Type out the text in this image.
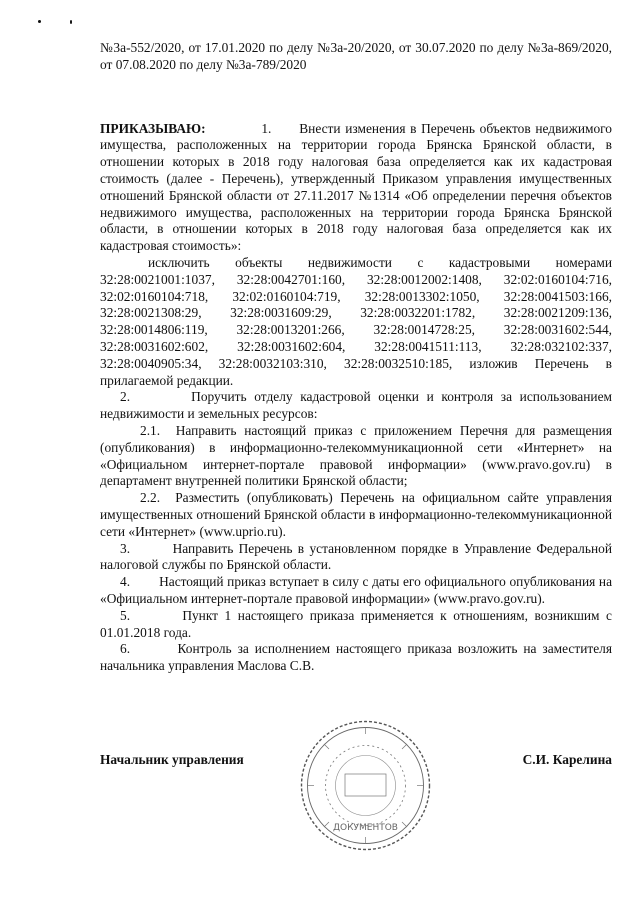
№3а-552/2020, от 17.01.2020 по делу №3а-20/2020, от 30.07.2020 по делу №3а-869/2020, от 07.08.2020 по делу №3а-789/2020

ПРИКАЗЫВАЮ:	1. Внести изменения в Перечень объектов недвижимого имущества, расположенных на территории города Брянска Брянской области, в отношении которых в 2018 году налоговая база определяется как их кадастровая стоимость (далее - Перечень), утвержденный Приказом управления имущественных отношений Брянской области от 27.11.2017 №1314 «Об определении перечня объектов недвижимого имущества, расположенных на территории города Брянска Брянской области, в отношении которых в 2018 году налоговая база определяется как их кадастровая стоимость»:

исключить объекты недвижимости с кадастровыми номерами 32:28:0021001:1037, 32:28:0042701:160, 32:28:0012002:1408, 32:02:0160104:716, 32:02:0160104:718, 32:02:0160104:719, 32:28:0013302:1050, 32:28:0041503:166, 32:28:0021308:29, 32:28:0031609:29, 32:28:0032201:1782, 32:28:0021209:136, 32:28:0014806:119, 32:28:0013201:266, 32:28:0014728:25, 32:28:0031602:544, 32:28:0031602:602, 32:28:0031602:604, 32:28:0041511:113, 32:28:032102:337, 32:28:0040905:34, 32:28:0032103:310, 32:28:0032510:185, изложив Перечень в прилагаемой редакции.

2.	Поручить отделу кадастровой оценки и контроля за использованием недвижимости и земельных ресурсов:

2.1. Направить настоящий приказ с приложением Перечня для размещения (опубликования) в информационно-телекоммуникационной сети «Интернет» на «Официальном интернет-портале правовой информации» (www.pravo.gov.ru) в департамент внутренней политики Брянской области;

2.2. Разместить (опубликовать) Перечень на официальном сайте управления имущественных отношений Брянской области в информационно-телекоммуникационной сети «Интернет» (www.uprio.ru).

3.	Направить Перечень в установленном порядке в Управление Федеральной налоговой службы по Брянской области.

4. Настоящий приказ вступает в силу с даты его официального опубликования на «Официальном интернет-портале правовой информации» (www.pravo.gov.ru).

5.	Пункт 1 настоящего приказа применяется к отношениям, возникшим с 01.01.2018 года.

6.	Контроль за исполнением настоящего приказа возложить на заместителя начальника управления Маслова С.В.

ДОКУМЕНТОВ
Начальник управления	С.И. Карелина
